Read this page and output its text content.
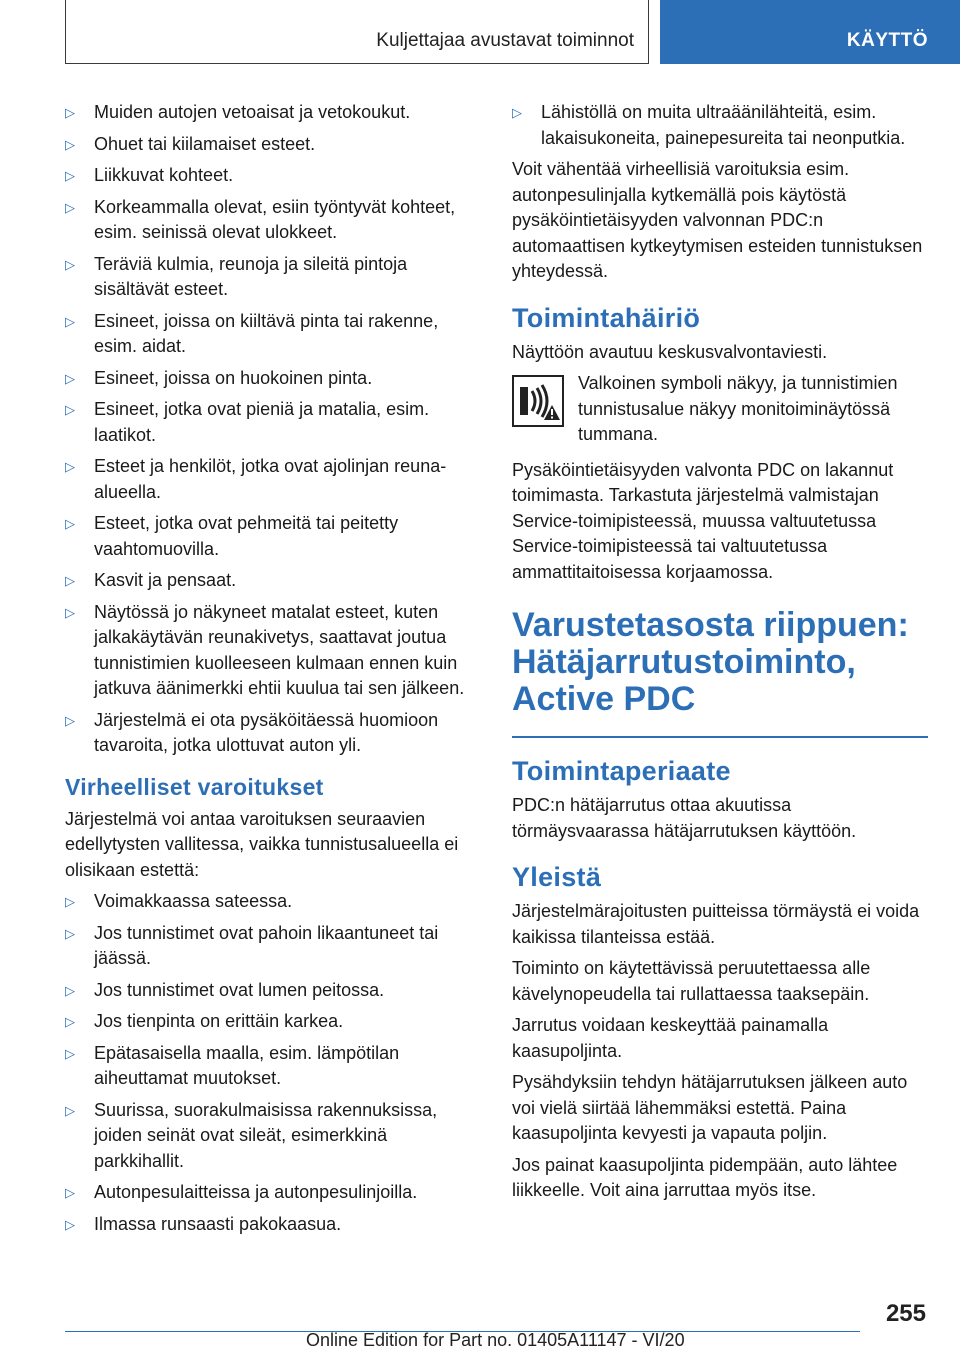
Kuljettajaa avustavat toiminnot	KÄYTTÖ
▷ Muiden autojen vetoaisat ja vetokoukut.
▷ Ohuet tai kiilamaiset esteet.
▷ Liikkuvat kohteet.
▷ Korkeammalla olevat, esiin työntyvät kohteet, esim. seinissä olevat ulokkeet.
▷ Teräviä kulmia, reunoja ja sileitä pintoja sisältävät esteet.
▷ Esineet, joissa on kiiltävä pinta tai rakenne, esim. aidat.
▷ Esineet, joissa on huokoinen pinta.
▷ Esineet, jotka ovat pieniä ja matalia, esim. laatikot.
▷ Esteet ja henkilöt, jotka ovat ajolinjan reuna-alueella.
▷ Esteet, jotka ovat pehmeitä tai peitetty vaahtomuovilla.
▷ Kasvit ja pensaat.
▷ Näytössä jo näkyneet matalat esteet, kuten jalkakäytävän reunakivetys, saattavat joutua tunnistimien kuolleeseen kulmaan ennen kuin jatkuva äänimerkki ehtii kuulua tai sen jälkeen.
▷ Järjestelmä ei ota pysäköitäessä huomioon tavaroita, jotka ulottuvat auton yli.
Virheelliset varoitukset

Järjestelmä voi antaa varoituksen seuraavien edellytysten vallitessa, vaikka tunnistusalueella ei olisikaan estettä:

▷ Voimakkaassa sateessa.
▷ Jos tunnistimet ovat pahoin likaantuneet tai jäässä.
▷ Jos tunnistimet ovat lumen peitossa.
▷ Jos tienpinta on erittäin karkea.
▷ Epätasaisella maalla, esim. lämpötilan aiheuttamat muutokset.
▷ Suurissa, suorakulmaisissa rakennuksissa, joiden seinät ovat sileät, esimerkkinä parkkihallit.
▷ Autonpesulaitteissa ja autonpesulinjoilla.
▷ Ilmassa runsaasti pakokaasua.
▷ Lähistöllä on muita ultraäänilähteitä, esim. lakaisukoneita, painepesureita tai neonputkia.

Voit vähentää virheellisiä varoituksia esim. autonpesulinjalla kytkemällä pois käytöstä pysäköintietäisyyden valvonnan PDC:n automaattisen kytkeytymisen esteiden tunnistuksen yhteydessä.

Toimintahäiriö

Näyttöön avautuu keskusvalvontaviesti.

Valkoinen symboli näkyy, ja tunnistimien tunnistusalue näkyy monitoiminäytössä tummana.

Pysäköintietäisyyden valvonta PDC on lakannut toimimasta. Tarkastuta järjestelmä valmistajan Service-toimipisteessä, muussa valtuutetussa Service-toimipisteessä tai valtuutetussa ammattitaitoisessa korjaamossa.

Varustetasosta riippuen: Hätäjarrutustoiminto, Active PDC
Toimintaperiaate

PDC:n hätäjarrutus ottaa akuutissa törmäysvaarassa hätäjarrutuksen käyttöön.

Yleistä

Järjestelmärajoitusten puitteissa törmäystä ei voida kaikissa tilanteissa estää.

Toiminto on käytettävissä peruutettaessa alle kävelynopeudella tai rullattaessa taaksepäin.

Jarrutus voidaan keskeyttää painamalla kaasupoljinta.

Pysähdyksiin tehdyn hätäjarrutuksen jälkeen auto voi vielä siirtää lähemmäksi estettä. Paina kaasupoljinta kevyesti ja vapauta poljin.

Jos painat kaasupoljinta pidempään, auto lähtee liikkeelle. Voit aina jarruttaa myös itse.

255
Online Edition for Part no. 01405A11147 - VI/20
